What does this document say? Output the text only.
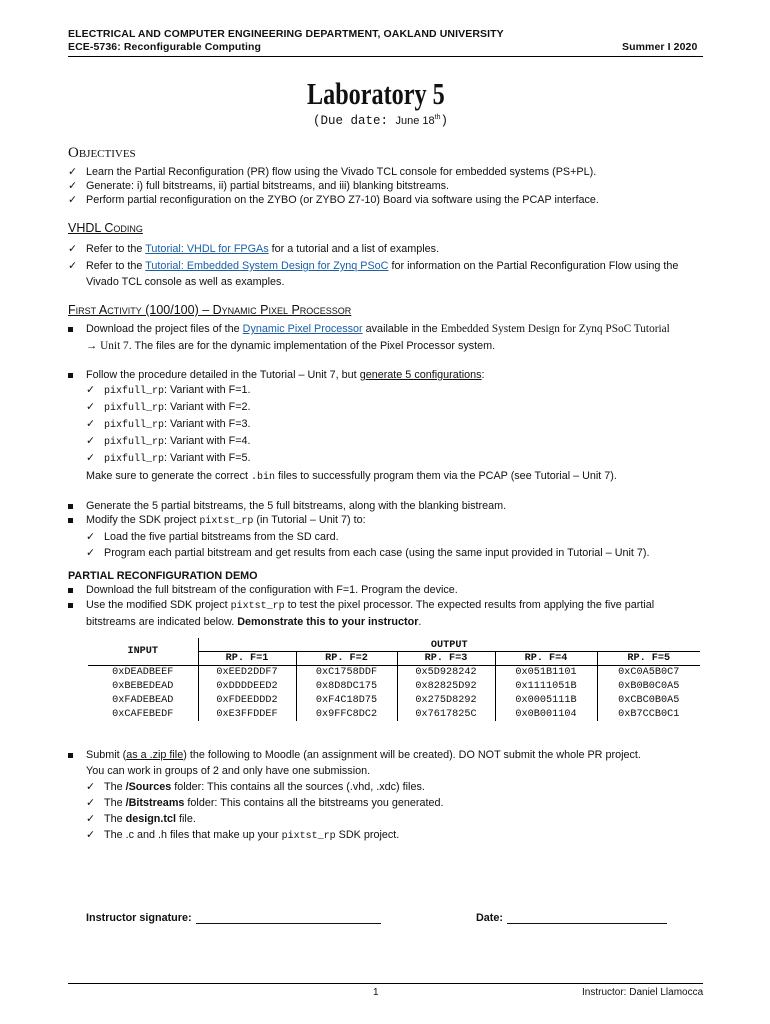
ELECTRICAL AND COMPUTER ENGINEERING DEPARTMENT, OAKLAND UNIVERSITY
ECE-5736: Reconfigurable Computing	Summer I 2020
Laboratory 5
(Due date: June 18th)
Objectives
✓Learn the Partial Reconfiguration (PR) flow using the Vivado TCL console for embedded systems (PS+PL).
✓Generate: i) full bitstreams, ii) partial bitstreams, and iii) blanking bitstreams.
✓Perform partial reconfiguration on the ZYBO (or ZYBO Z7-10) Board via software using the PCAP interface.
VHDL Coding
✓Refer to the Tutorial: VHDL for FPGAs for a tutorial and a list of examples.
✓Refer to the Tutorial: Embedded System Design for Zynq PSoC for information on the Partial Reconfiguration Flow using the
Vivado TCL console as well as examples.
First Activity (100/100) – Dynamic Pixel Processor
Download the project files of the Dynamic Pixel Processor available in the Embedded System Design for Zynq PSoC Tutorial
→ Unit 7. The files are for the dynamic implementation of the Pixel Processor system.
Follow the procedure detailed in the Tutorial – Unit 7, but generate 5 configurations:
✓pixfull_rp: Variant with F=1.
✓pixfull_rp: Variant with F=2.
✓pixfull_rp: Variant with F=3.
✓pixfull_rp: Variant with F=4.
✓pixfull_rp: Variant with F=5.
Make sure to generate the correct .bin files to successfully program them via the PCAP (see Tutorial – Unit 7).
Generate the 5 partial bitstreams, the 5 full bitstreams, along with the blanking bistream.
Modify the SDK project pixtst_rp (in Tutorial – Unit 7) to:
✓Load the five partial bitstreams from the SD card.
✓Program each partial bitstream and get results from each case (using the same input provided in Tutorial – Unit 7).
PARTIAL RECONFIGURATION DEMO
Download the full bitstream of the configuration with F=1. Program the device.
Use the modified SDK project pixtst_rp to test the pixel processor. The expected results from applying the five partial
bitstreams are indicated below. Demonstrate this to your instructor.
INPUT	OUTPUT				
	RP. F=1	RP. F=2	RP. F=3	RP. F=4	RP. F=5
0xDEADBEEF	0xEED2DDF7	0xC1758DDF	0x5D928242	0x051B1101	0xC0A5B0C7
0xBEBEDEAD	0xDDDDEED2	0x8D8DC175	0x82825D92	0x1111051B	0xB0B0C0A5
0xFADEBEAD	0xFDEEDDD2	0xF4C18D75	0x275D8292	0x0005111B	0xCBC0B0A5
0xCAFEBEDF	0xE3FFDDEF	0x9FFC8DC2	0x7617825C	0x0B001104	0xB7CCB0C1
Submit (as a .zip file) the following to Moodle (an assignment will be created). DO NOT submit the whole PR project.
You can work in groups of 2 and only have one submission.
✓The /Sources folder: This contains all the sources (.vhd, .xdc) files.
✓The /Bitstreams folder: This contains all the bitstreams you generated.
✓The design.tcl file.
✓The .c and .h files that make up your pixtst_rp SDK project.
Instructor signature:	Date:
1	Instructor: Daniel Llamocca
